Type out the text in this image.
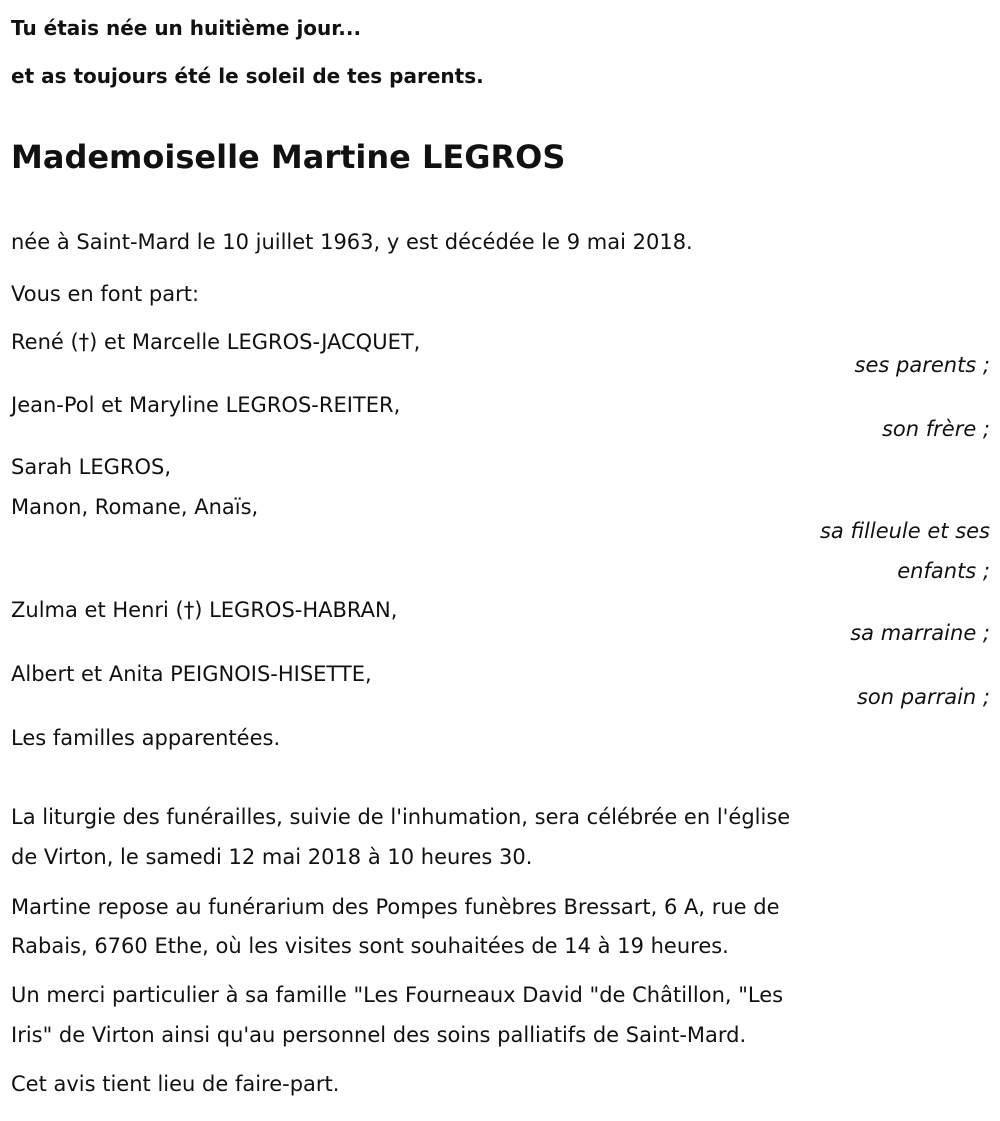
Tu étais née un huitième jour...
et as toujours été le soleil de tes parents.
Mademoiselle Martine LEGROS
née à Saint-Mard le 10 juillet 1963, y est décédée le 9 mai 2018.
Vous en font part:
René (†) et Marcelle LEGROS-JACQUET,
ses parents ;
Jean-Pol et Maryline LEGROS-REITER,
son frère ;
Sarah LEGROS,
Manon, Romane, Anaïs,
sa filleule et ses
enfants ;
Zulma et Henri (†) LEGROS-HABRAN,
sa marraine ;
Albert et Anita PEIGNOIS-HISETTE,
son parrain ;
Les familles apparentées.
La liturgie des funérailles, suivie de l'inhumation, sera célébrée en l'église
de Virton, le samedi 12 mai 2018 à 10 heures 30.
Martine repose au funérarium des Pompes funèbres Bressart, 6 A, rue de
Rabais, 6760 Ethe, où les visites sont souhaitées de 14 à 19 heures.
Un merci particulier à sa famille "Les Fourneaux David "de Châtillon, "Les
Iris" de Virton ainsi qu'au personnel des soins palliatifs de Saint-Mard.
Cet avis tient lieu de faire-part.
